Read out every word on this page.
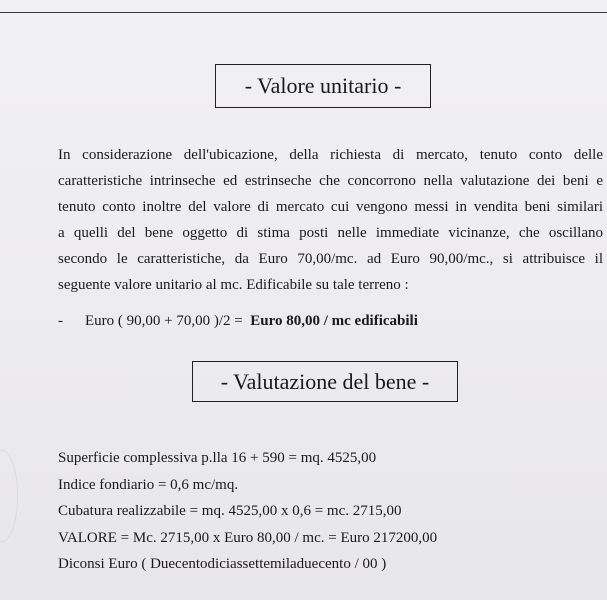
- Valore unitario -
In considerazione dell'ubicazione, della richiesta di mercato, tenuto conto delle
caratteristiche intrinseche ed estrinseche che concorrono nella valutazione dei beni e
tenuto conto inoltre del valore di mercato cui vengono messi in vendita beni similari
a quelli del bene oggetto di stima posti nelle immediate vicinanze, che oscillano
secondo le caratteristiche, da Euro 70,00/mc. ad Euro 90,00/mc., si attribuisce il
seguente valore unitario al mc. Edificabile su tale terreno :
- Euro ( 90,00 + 70,00 )/2 = Euro 80,00 / mc edificabili
- Valutazione del bene -
Superficie complessiva p.lla 16 + 590 = mq. 4525,00
Indice fondiario = 0,6 mc/mq.
Cubatura realizzabile = mq. 4525,00 x 0,6 = mc. 2715,00
VALORE = Mc. 2715,00 x Euro 80,00 / mc. = Euro 217200,00
Diconsi Euro ( Duecentodiciassettemiladuecento / 00 )
